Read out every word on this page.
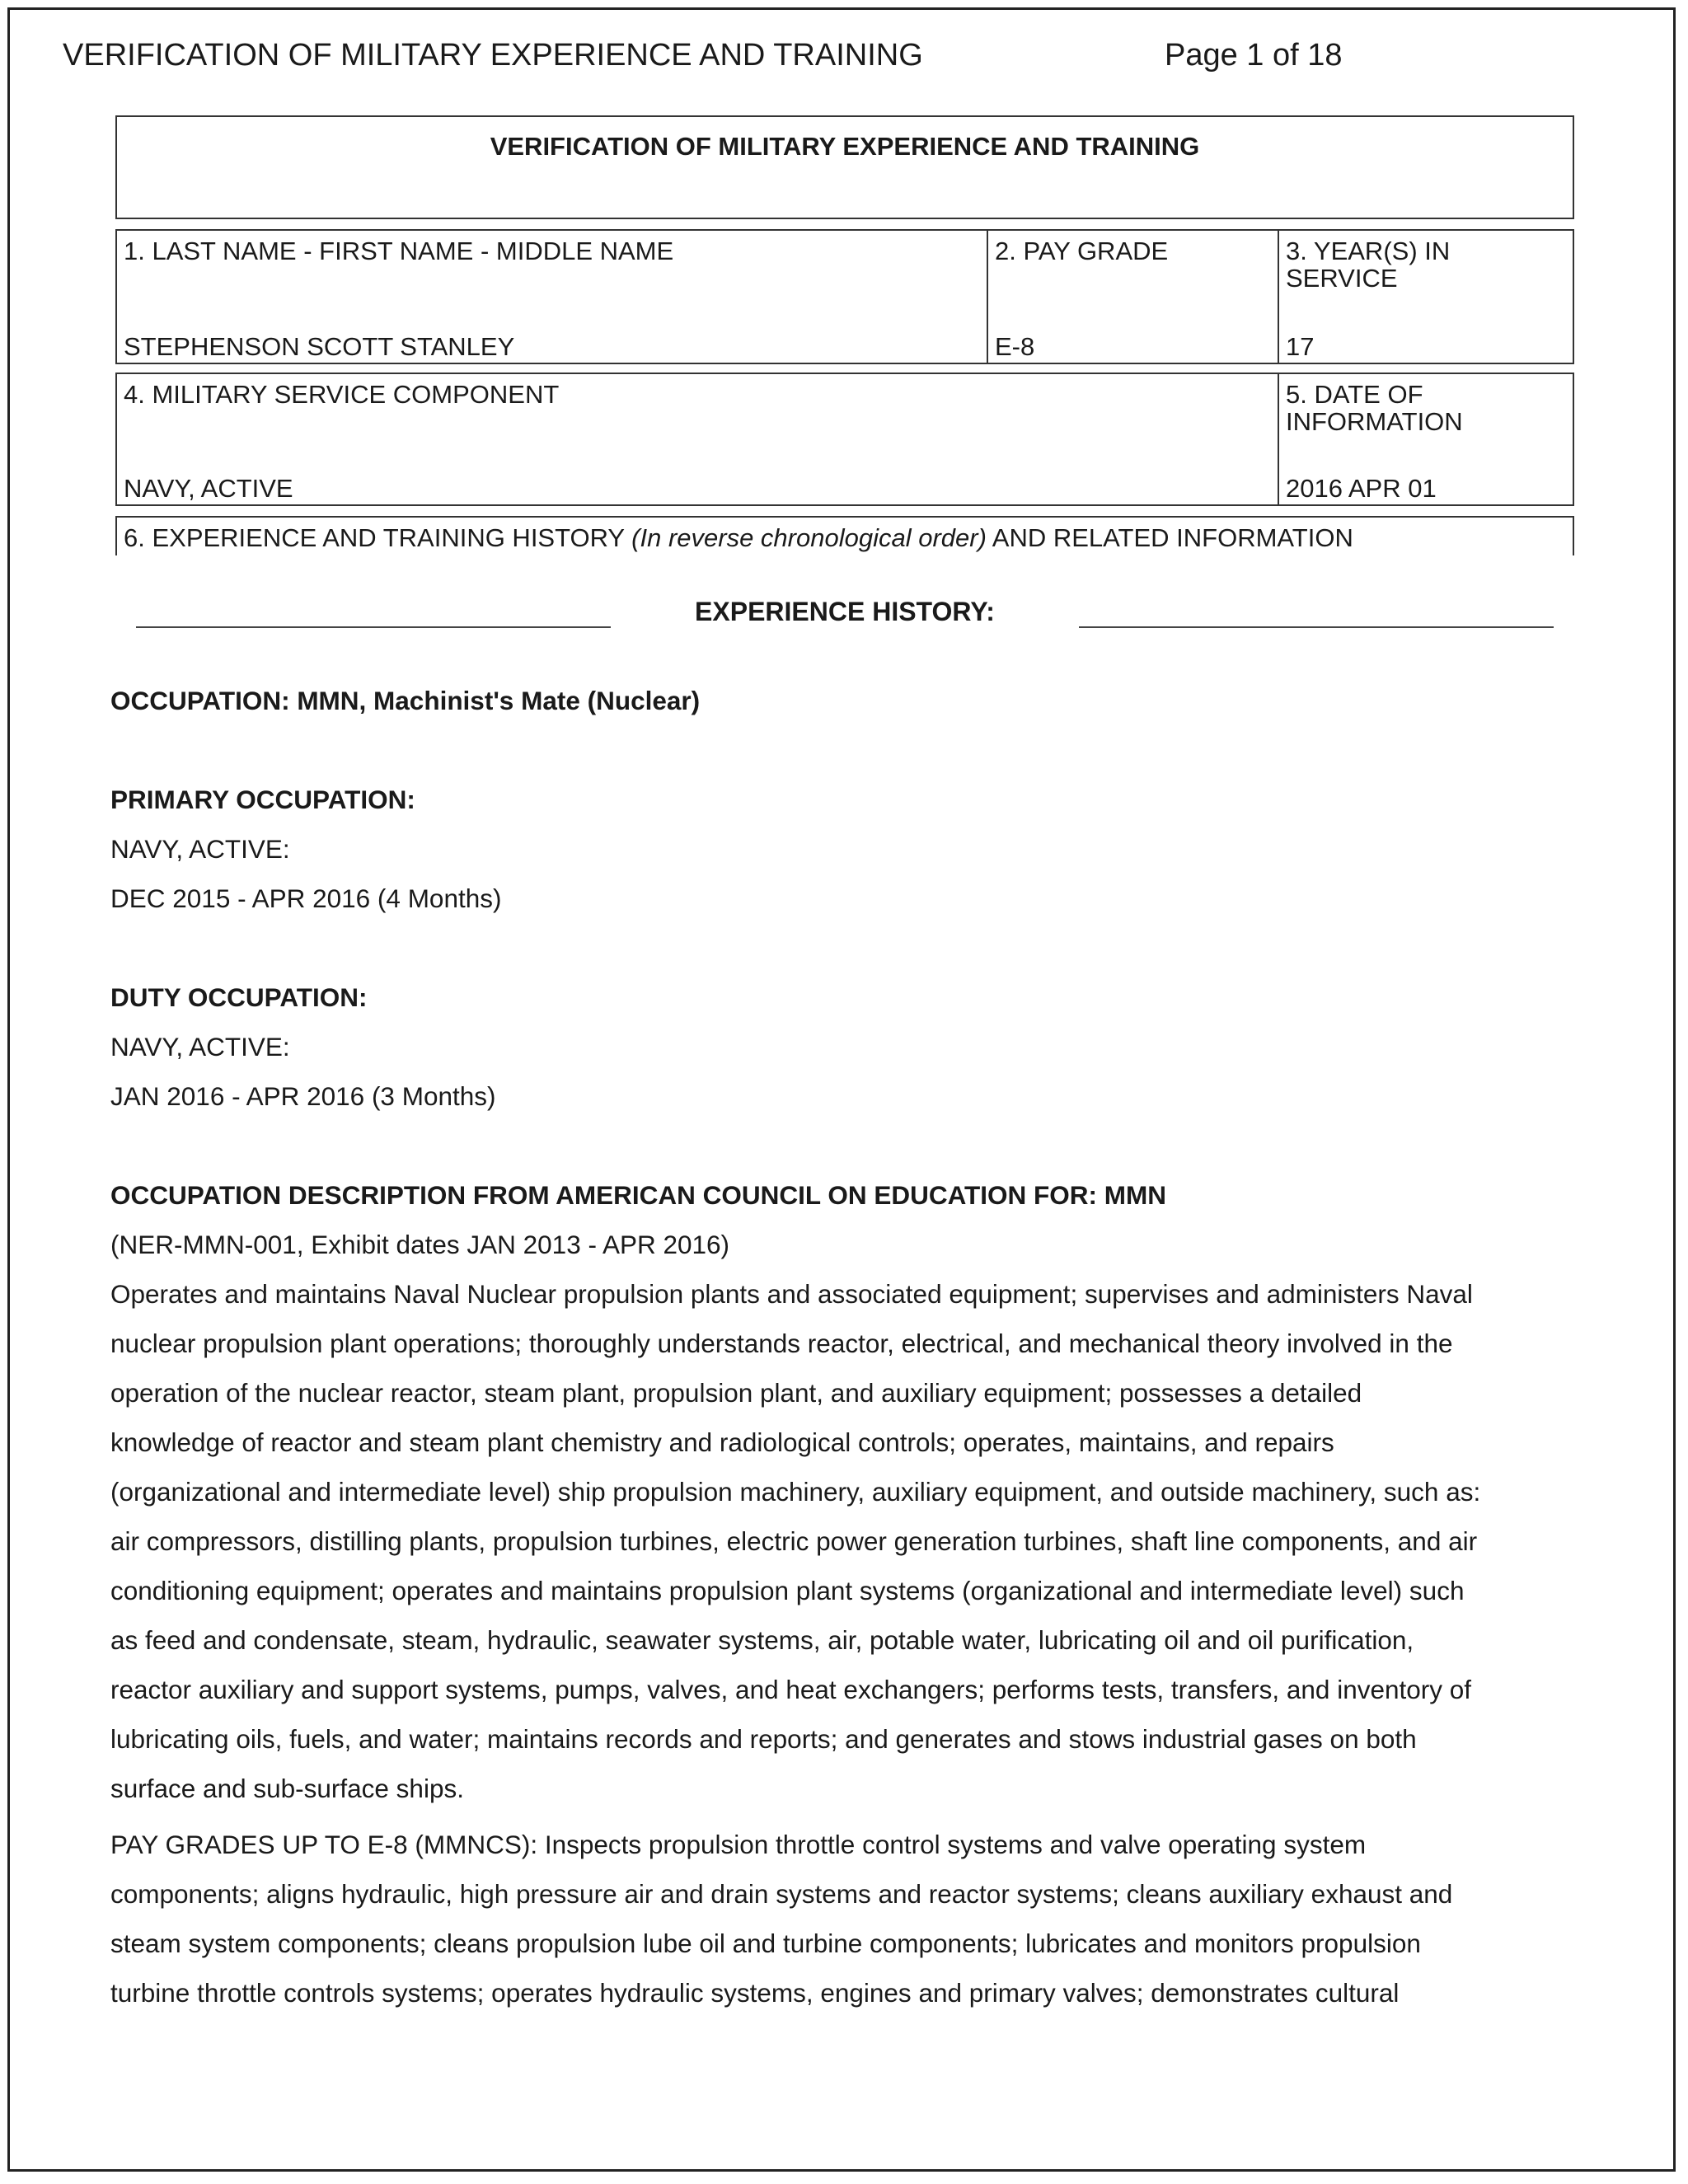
VERIFICATION OF MILITARY EXPERIENCE AND TRAINING	Page 1 of 18
VERIFICATION OF MILITARY EXPERIENCE AND TRAINING
1. LAST NAME - FIRST NAME - MIDDLE NAME
STEPHENSON SCOTT STANLEY
2. PAY GRADE
E-8
3. YEAR(S) IN
SERVICE
17
4. MILITARY SERVICE COMPONENT
NAVY, ACTIVE
5. DATE OF
INFORMATION
2016 APR 01
6. EXPERIENCE AND TRAINING HISTORY (In reverse chronological order) AND RELATED INFORMATION
EXPERIENCE HISTORY:

OCCUPATION: MMN, Machinist's Mate (Nuclear)

PRIMARY OCCUPATION:

NAVY, ACTIVE:

DEC 2015 - APR 2016 (4 Months)

DUTY OCCUPATION:

NAVY, ACTIVE:

JAN 2016 - APR 2016 (3 Months)

OCCUPATION DESCRIPTION FROM AMERICAN COUNCIL ON EDUCATION FOR: MMN

(NER-MMN-001, Exhibit dates JAN 2013 - APR 2016)

Operates and maintains Naval Nuclear propulsion plants and associated equipment; supervises and administers Naval

nuclear propulsion plant operations; thoroughly understands reactor, electrical, and mechanical theory involved in the

operation of the nuclear reactor, steam plant, propulsion plant, and auxiliary equipment; possesses a detailed

knowledge of reactor and steam plant chemistry and radiological controls; operates, maintains, and repairs

(organizational and intermediate level) ship propulsion machinery, auxiliary equipment, and outside machinery, such as:

air compressors, distilling plants, propulsion turbines, electric power generation turbines, shaft line components, and air

conditioning equipment; operates and maintains propulsion plant systems (organizational and intermediate level) such

as feed and condensate, steam, hydraulic, seawater systems, air, potable water, lubricating oil and oil purification,

reactor auxiliary and support systems, pumps, valves, and heat exchangers; performs tests, transfers, and inventory of

lubricating oils, fuels, and water; maintains records and reports; and generates and stows industrial gases on both

surface and sub-surface ships.

PAY GRADES UP TO E-8 (MMNCS): Inspects propulsion throttle control systems and valve operating system

components; aligns hydraulic, high pressure air and drain systems and reactor systems; cleans auxiliary exhaust and

steam system components; cleans propulsion lube oil and turbine components; lubricates and monitors propulsion

turbine throttle controls systems; operates hydraulic systems, engines and primary valves; demonstrates cultural
